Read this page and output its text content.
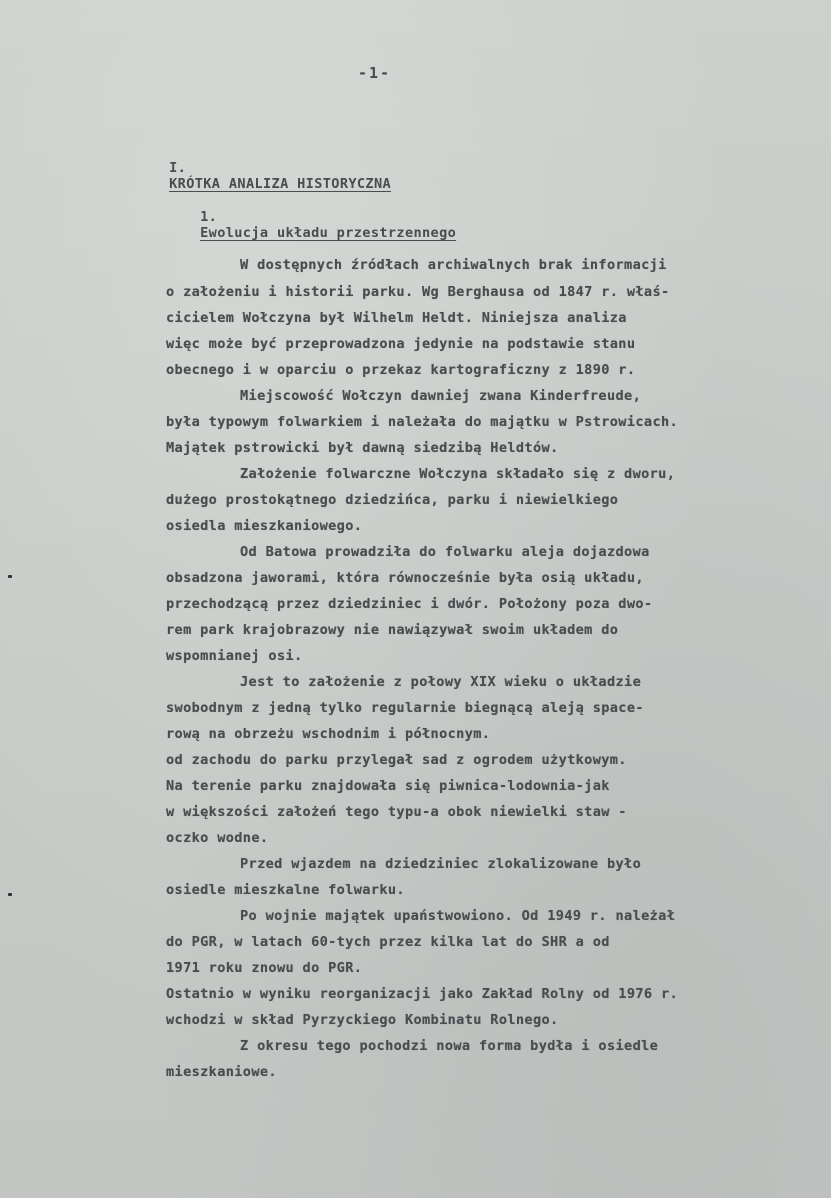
-1-

I.
KRÓTKA ANALIZA HISTORYCZNA

1.
Ewolucja układu przestrzennego

W dostępnych źródłach archiwalnych brak informacji
o założeniu i historii parku. Wg Berghausa od 1847 r. właś-
cicielem Wołczyna był Wilhelm Heldt. Niniejsza analiza
więc może być przeprowadzona jedynie na podstawie stanu
obecnego i w oparciu o przekaz kartograficzny z 1890 r.
Miejscowość Wołczyn dawniej zwana Kinderfreude,
była typowym folwarkiem i należała do majątku w Pstrowicach.
Majątek pstrowicki był dawną siedzibą Heldtów.
Założenie folwarczne Wołczyna składało się z dworu,
dużego prostokątnego dziedzińca, parku i niewielkiego
osiedla mieszkaniowego.
Od Batowa prowadziła do folwarku aleja dojazdowa
obsadzona jaworami, która równocześnie była osią układu,
przechodzącą przez dziedziniec i dwór. Położony poza dwo-
rem park krajobrazowy nie nawiązywał swoim układem do
wspomnianej osi.
Jest to założenie z połowy XIX wieku o układzie
swobodnym z jedną tylko regularnie biegnącą aleją space-
rową na obrzeżu wschodnim i północnym.
od zachodu do parku przylegał sad z ogrodem użytkowym.
Na terenie parku znajdowała się piwnica-lodownia-jak
w większości założeń tego typu-a obok niewielki staw -
oczko wodne.
Przed wjazdem na dziedziniec zlokalizowane było
osiedle mieszkalne folwarku.
Po wojnie majątek upaństwowiono. Od 1949 r. należał
do PGR, w latach 60-tych przez kilka lat do SHR a od
1971 roku znowu do PGR.
Ostatnio w wyniku reorganizacji jako Zakład Rolny od 1976 r.
wchodzi w skład Pyrzyckiego Kombinatu Rolnego.
Z okresu tego pochodzi nowa forma bydła i osiedle
mieszkaniowe.
